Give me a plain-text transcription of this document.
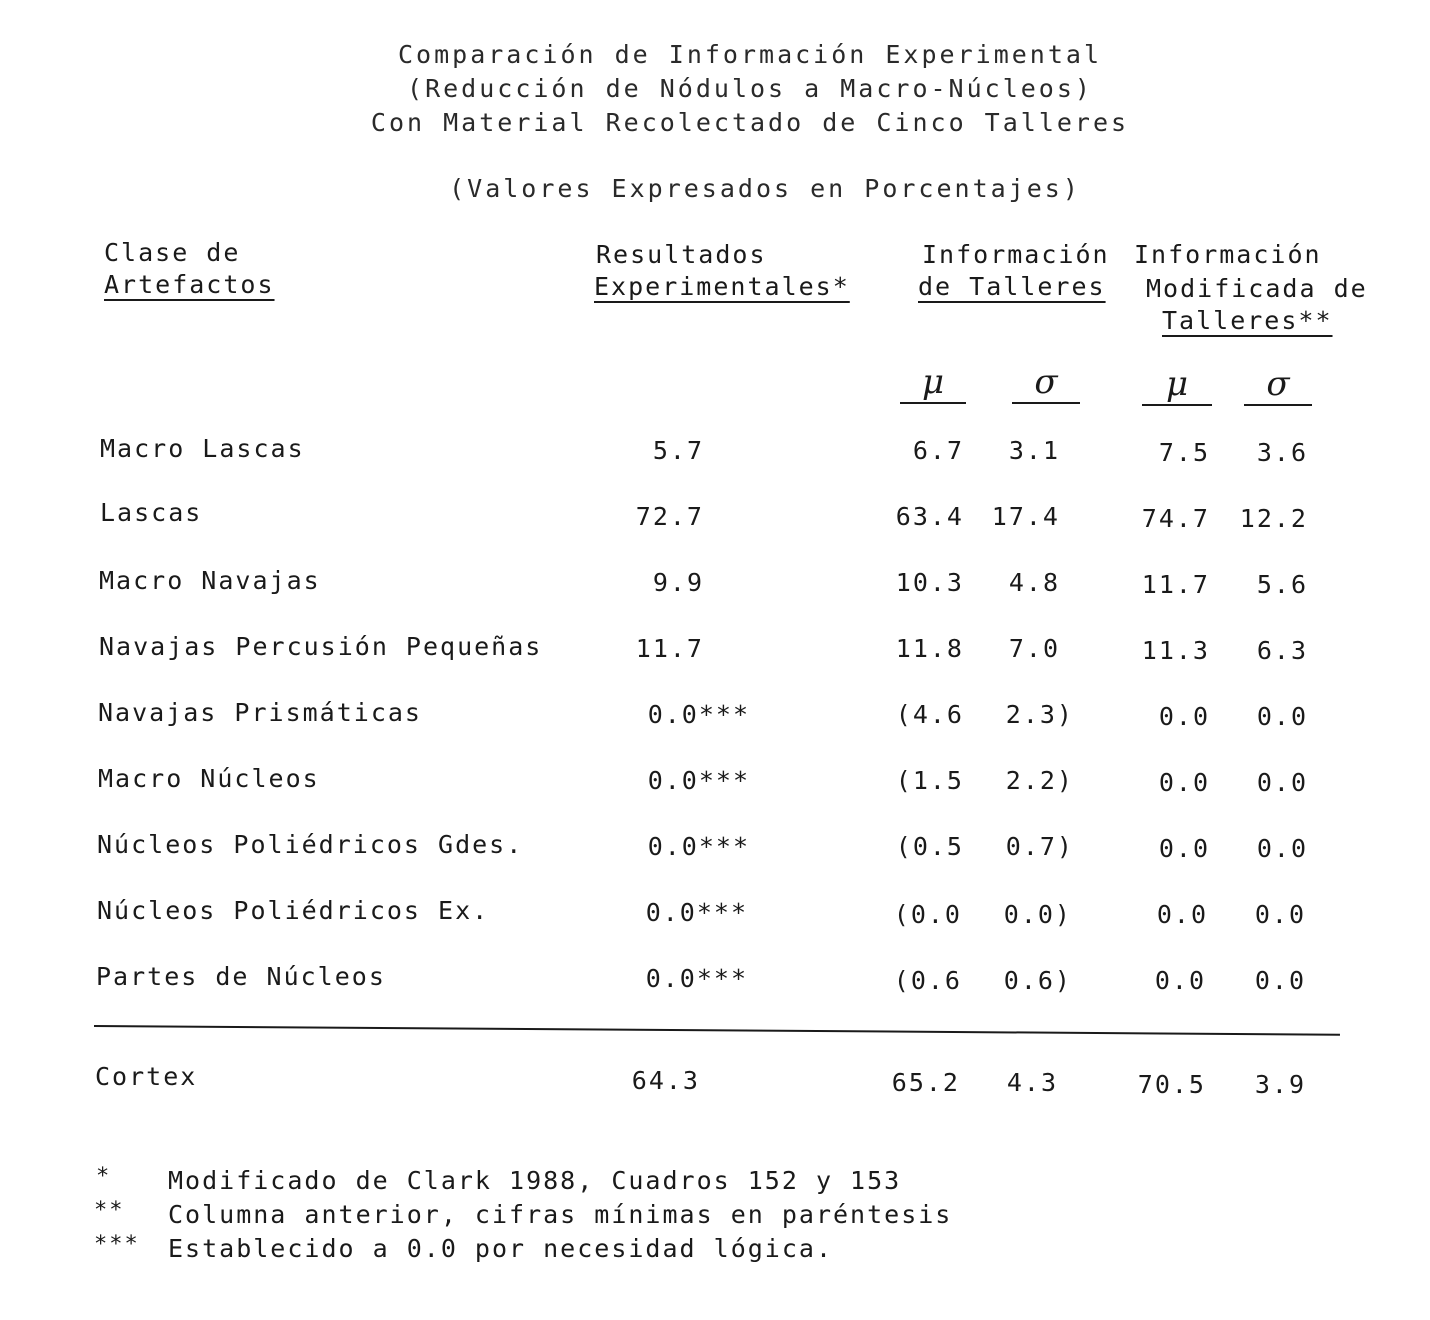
Comparación de Información Experimental
(Reducción de Nódulos a Macro-Núcleos)
Con Material Recolectado de Cinco Talleres
(Valores Expresados en Porcentajes)
Clase de
Artefactos
Resultados
Experimentales*
Información
de Talleres
Información
Modificada de
Talleres**
μ	σ	μ	σ
Macro Lascas	5.7	6.7 3.1	7.5 3.6
Lascas	72.7	63.4 17.4	74.7 12.2
Macro Navajas	9.9	10.3 4.8	11.7 5.6
Navajas Percusión Pequeñas	11.7	11.8 7.0	11.3 6.3
Navajas Prismáticas	0.0***	(4.6 2.3)	0.0 0.0
Macro Núcleos	0.0***	(1.5 2.2)	0.0 0.0
Núcleos Poliédricos Gdes.	0.0***	(0.5 0.7)	0.0 0.0
Núcleos Poliédricos Ex.	0.0***	(0.0 0.0)	0.0 0.0
Partes de Núcleos	0.0***	(0.6 0.6)	0.0 0.0
Cortex	64.3	65.2 4.3	70.5 3.9
* Modificado de Clark 1988, Cuadros 152 y 153
** Columna anterior, cifras mínimas en paréntesis
*** Establecido a 0.0 por necesidad lógica.
